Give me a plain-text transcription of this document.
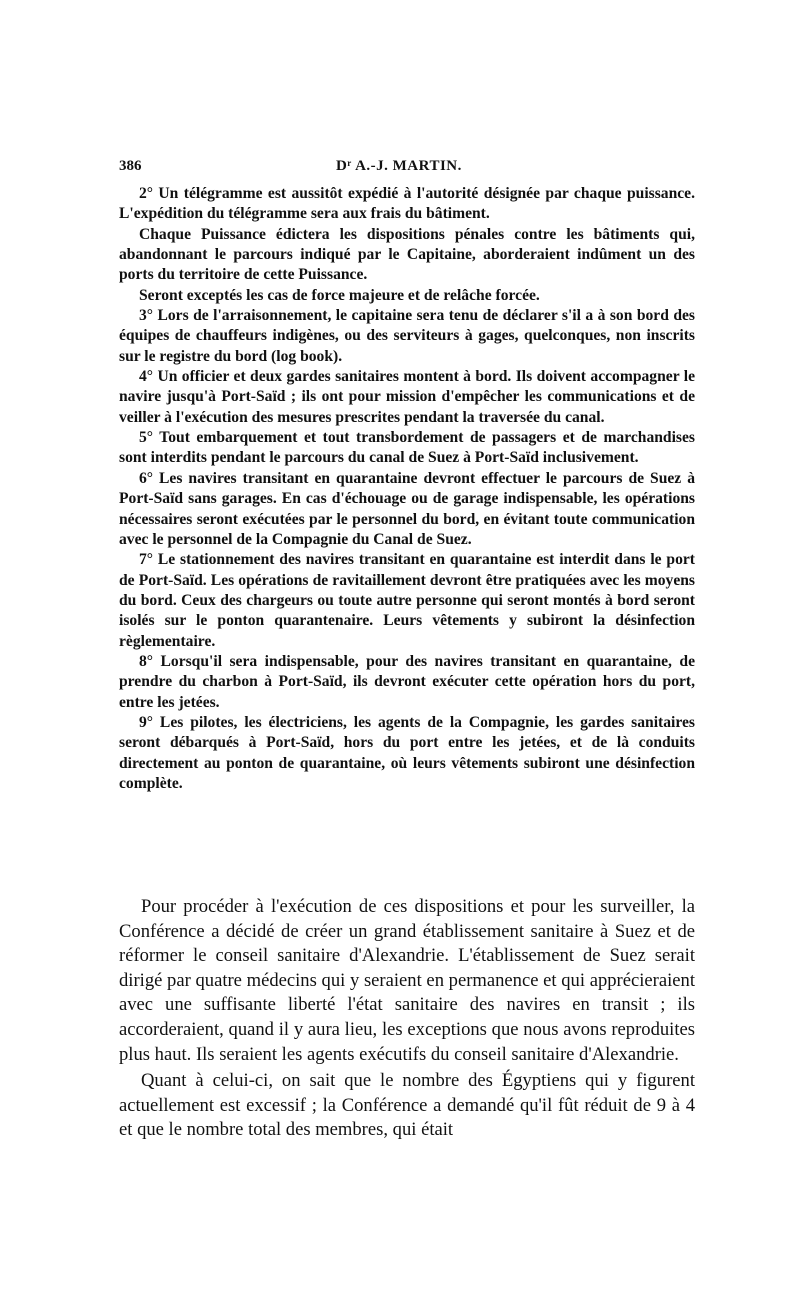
386	Dʳ A.-J. MARTIN.

2° Un télégramme est aussitôt expédié à l'autorité désignée par chaque puissance. L'expédition du télégramme sera aux frais du bâtiment.

Chaque Puissance édictera les dispositions pénales contre les bâtiments qui, abandonnant le parcours indiqué par le Capitaine, aborderaient indûment un des ports du territoire de cette Puissance.

Seront exceptés les cas de force majeure et de relâche forcée.

3° Lors de l'arraisonnement, le capitaine sera tenu de déclarer s'il a à son bord des équipes de chauffeurs indigènes, ou des serviteurs à gages, quelconques, non inscrits sur le registre du bord (log book).

4° Un officier et deux gardes sanitaires montent à bord. Ils doivent accompagner le navire jusqu'à Port-Saïd ; ils ont pour mission d'empêcher les communications et de veiller à l'exécution des mesures prescrites pendant la traversée du canal.

5° Tout embarquement et tout transbordement de passagers et de marchandises sont interdits pendant le parcours du canal de Suez à Port-Saïd inclusivement.

6° Les navires transitant en quarantaine devront effectuer le parcours de Suez à Port-Saïd sans garages. En cas d'échouage ou de garage indispensable, les opérations nécessaires seront exécutées par le personnel du bord, en évitant toute communication avec le personnel de la Compagnie du Canal de Suez.

7° Le stationnement des navires transitant en quarantaine est interdit dans le port de Port-Saïd. Les opérations de ravitaillement devront être pratiquées avec les moyens du bord. Ceux des chargeurs ou toute autre personne qui seront montés à bord seront isolés sur le ponton quarantenaire. Leurs vêtements y subiront la désinfection règlementaire.

8° Lorsqu'il sera indispensable, pour des navires transitant en quarantaine, de prendre du charbon à Port-Saïd, ils devront exécuter cette opération hors du port, entre les jetées.

9° Les pilotes, les électriciens, les agents de la Compagnie, les gardes sanitaires seront débarqués à Port-Saïd, hors du port entre les jetées, et de là conduits directement au ponton de quarantaine, où leurs vêtements subiront une désinfection complète.

Pour procéder à l'exécution de ces dispositions et pour les surveiller, la Conférence a décidé de créer un grand établissement sanitaire à Suez et de réformer le conseil sanitaire d'Alexandrie. L'établissement de Suez serait dirigé par quatre médecins qui y seraient en permanence et qui apprécieraient avec une suffisante liberté l'état sanitaire des navires en transit ; ils accorderaient, quand il y aura lieu, les exceptions que nous avons reproduites plus haut. Ils seraient les agents exécutifs du conseil sanitaire d'Alexandrie.

Quant à celui-ci, on sait que le nombre des Égyptiens qui y figurent actuellement est excessif ; la Conférence a demandé qu'il fût réduit de 9 à 4 et que le nombre total des membres, qui était
